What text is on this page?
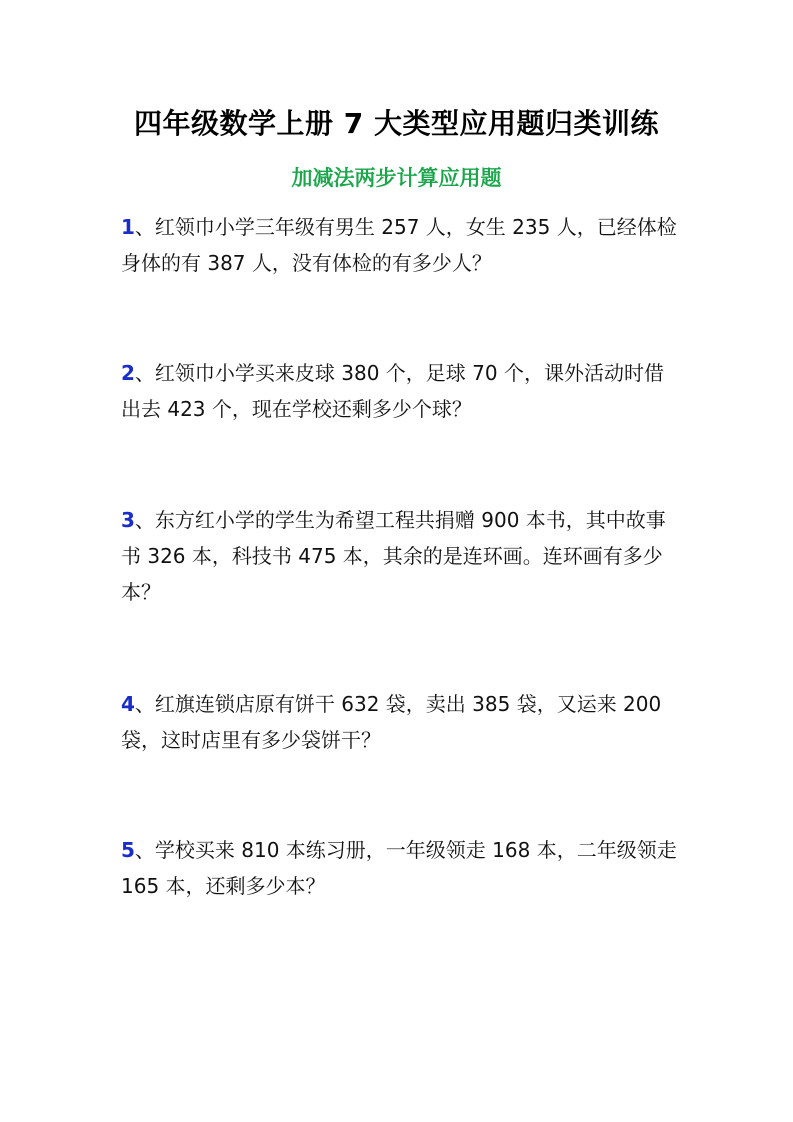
四年级数学上册 7 大类型应用题归类训练
加减法两步计算应用题
1、红领巾小学三年级有男生 257 人，女生 235 人，已经体检身体的有 387 人，没有体检的有多少人？
2、红领巾小学买来皮球 380 个，足球 70 个，课外活动时借出去 423 个，现在学校还剩多少个球？
3、东方红小学的学生为希望工程共捐赠 900 本书，其中故事书 326 本，科技书 475 本，其余的是连环画。连环画有多少本？
4、红旗连锁店原有饼干 632 袋，卖出 385 袋，又运来 200 袋，这时店里有多少袋饼干？
5、学校买来 810 本练习册，一年级领走 168 本，二年级领走 165 本，还剩多少本？
